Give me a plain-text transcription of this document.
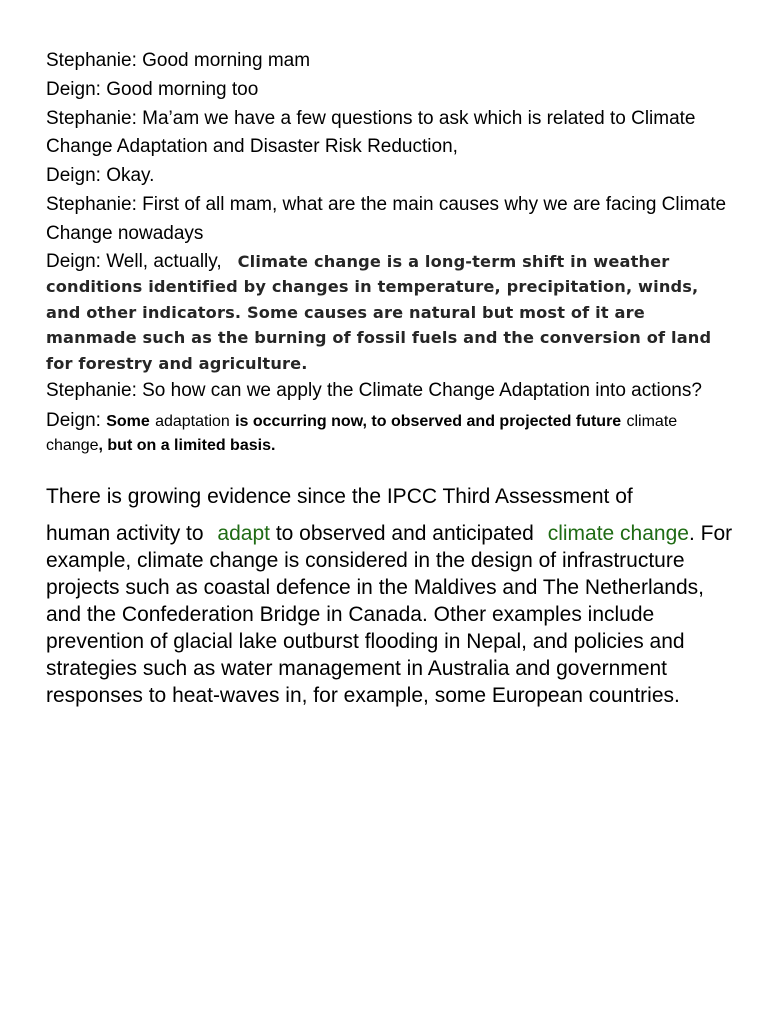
Stephanie: Good morning mam

Deign: Good morning too

Stephanie: Ma’am we have a few questions to ask which is related to Climate Change Adaptation and Disaster Risk Reduction,

Deign: Okay.

Stephanie: First of all mam, what are the main causes why we are facing Climate Change nowadays

Deign: Well, actually, Climate change is a long-term shift in weather conditions identified by changes in temperature, precipitation, winds, and other indicators. Some causes are natural but most of it are manmade such as the burning of fossil fuels and the conversion of land for forestry and agriculture.

Stephanie: So how can we apply the Climate Change Adaptation into actions?

Deign: Some adaptation is occurring now, to observed and projected future climate change, but on a limited basis.

There is growing evidence since the IPCC Third Assessment of

human activity to adapt to observed and anticipated climate change. For example, climate change is considered in the design of infrastructure projects such as coastal defence in the Maldives and The Netherlands, and the Confederation Bridge in Canada. Other examples include prevention of glacial lake outburst flooding in Nepal, and policies and strategies such as water management in Australia and government responses to heat-waves in, for example, some European countries.
